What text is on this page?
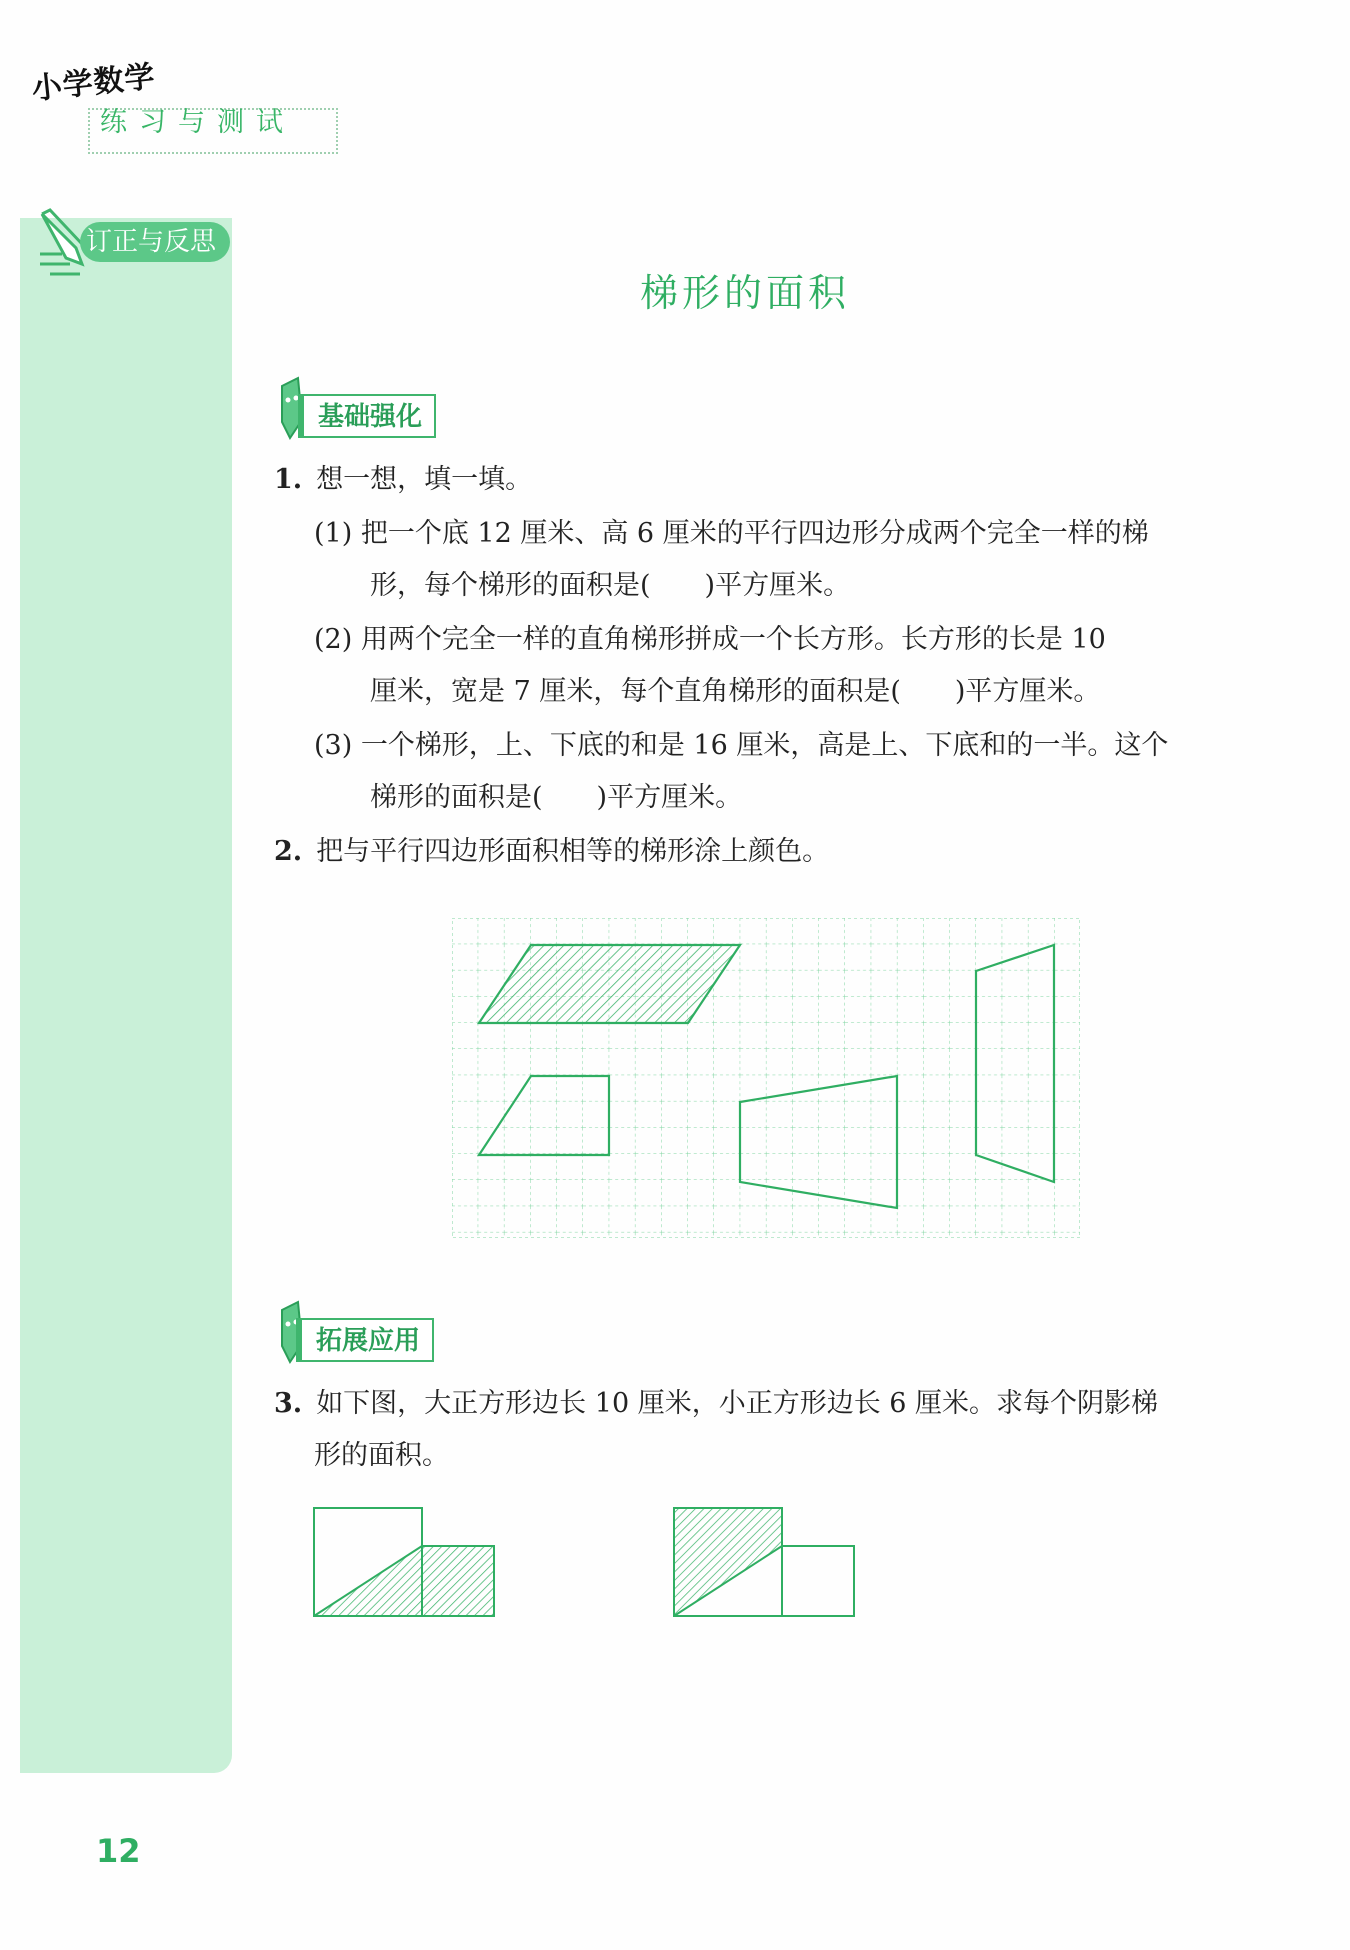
小学数学
练习与测试
订正与反思
梯形的面积
基础强化
1. 想一想，填一填。
(1) 把一个底 12 厘米、高 6 厘米的平行四边形分成两个完全一样的梯
形，每个梯形的面积是(　　)平方厘米。
(2) 用两个完全一样的直角梯形拼成一个长方形。长方形的长是 10
厘米，宽是 7 厘米，每个直角梯形的面积是(　　)平方厘米。
(3) 一个梯形，上、下底的和是 16 厘米，高是上、下底和的一半。这个
梯形的面积是(　　)平方厘米。
2. 把与平行四边形面积相等的梯形涂上颜色。
拓展应用
3. 如下图，大正方形边长 10 厘米，小正方形边长 6 厘米。求每个阴影梯
形的面积。
12
